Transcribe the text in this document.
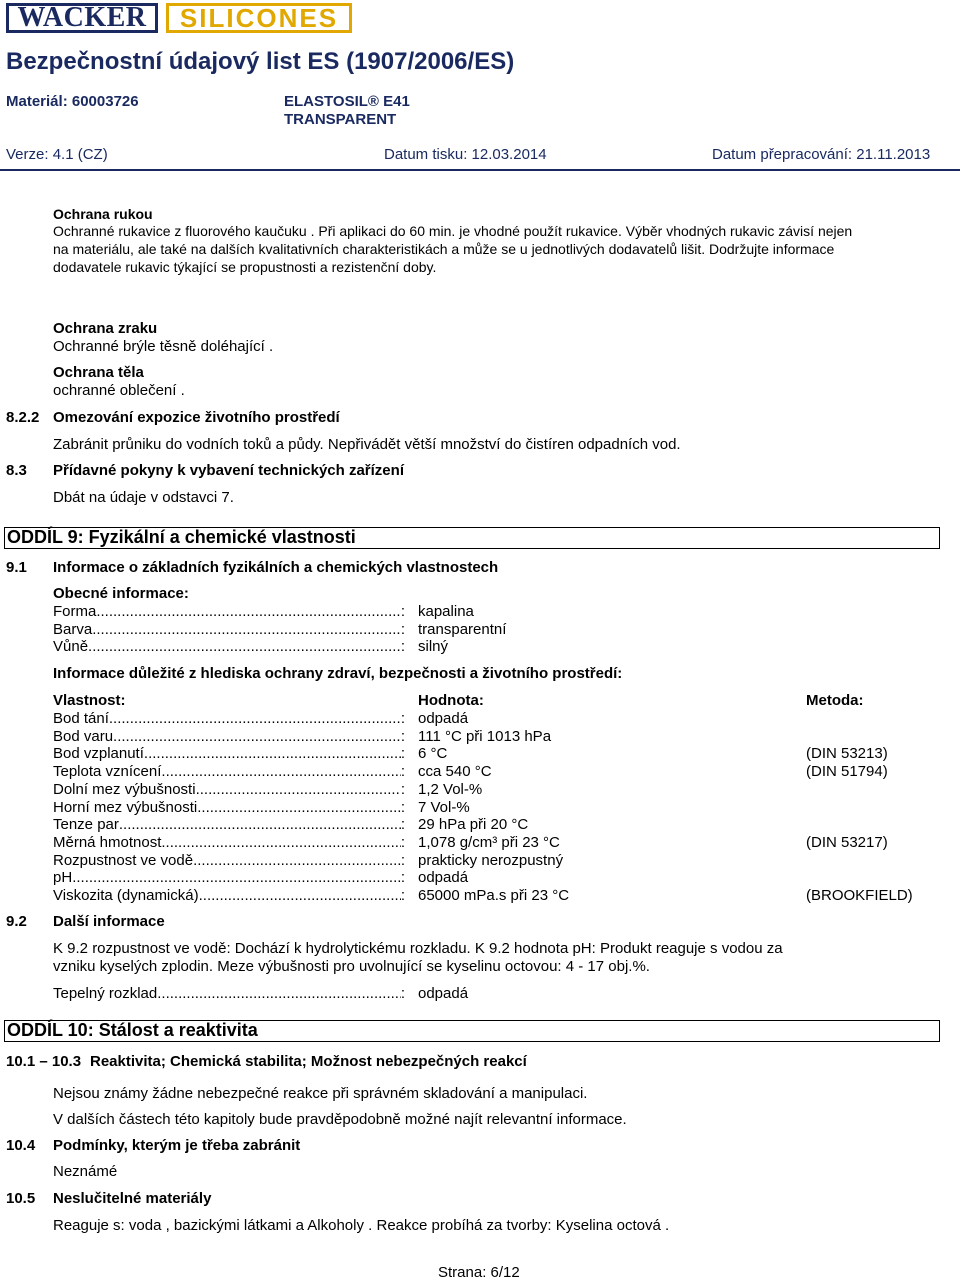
WACKER	SILICONES
Bezpečnostní údajový list ES (1907/2006/ES)
Materiál: 60003726	ELASTOSIL® E41
TRANSPARENT
Verze: 4.1 (CZ)	Datum tisku: 12.03.2014	Datum přepracování: 21.11.2013
Ochrana rukou
Ochranné rukavice z fluorového kaučuku . Při aplikaci do 60 min. je vhodné použít rukavice. Výběr vhodných rukavic závisí nejen
na materiálu, ale také na dalších kvalitativních charakteristikách a může se u jednotlivých dodavatelů lišit. Dodržujte informace
dodavatele rukavic týkající se propustnosti a rezistenční doby.
Ochrana zraku
Ochranné brýle těsně doléhající .
Ochrana těla
ochranné oblečení .
8.2.2 Omezování expozice životního prostředí
Zabránit průniku do vodních toků a půdy. Nepřivádět větší množství do čistíren odpadních vod.
8.3 Přídavné pokyny k vybavení technických zařízení
Dbát na údaje v odstavci 7.
ODDÍL 9: Fyzikální a chemické vlastnosti
9.1 Informace o základních fyzikálních a chemických vlastnostech
Obecné informace:
Forma .....	: kapalina
Barva .....	: transparentní
Vůně .....	: silný
Informace důležité z hlediska ochrany zdraví, bezpečnosti a životního prostředí:
Vlastnost:	Hodnota:	Metoda:
Bod tání .....	: odpadá
Bod varu .....	: 111 °C při 1013 hPa
Bod vzplanutí .....	: 6 °C	(DIN 53213)
Teplota vznícení .....	: cca 540 °C	(DIN 51794)
Dolní mez výbušnosti .....	: 1,2 Vol-%
Horní mez výbušnosti .....	: 7 Vol-%
Tenze par .....	: 29 hPa při 20 °C
Měrná hmotnost .....	: 1,078 g/cm³ při 23 °C	(DIN 53217)
Rozpustnost ve vodě .....	: prakticky nerozpustný
pH .....	: odpadá
Viskozita (dynamická) .....	: 65000 mPa.s při 23 °C	(BROOKFIELD)
9.2 Další informace
K 9.2 rozpustnost ve vodě: Dochází k hydrolytickému rozkladu. K 9.2 hodnota pH: Produkt reaguje s vodou za
vzniku kyselých zplodin. Meze výbušnosti pro uvolnující se kyselinu octovou: 4 - 17 obj.%.
Tepelný rozklad .....	: odpadá
ODDÍL 10: Stálost a reaktivita
10.1 – 10.3 Reaktivita; Chemická stabilita; Možnost nebezpečných reakcí
Nejsou známy žádne nebezpečné reakce při správném skladování a manipulaci.
V dalších částech této kapitoly bude pravděpodobně možné najít relevantní informace.
10.4 Podmínky, kterým je třeba zabránit
Neznámé
10.5 Neslučitelné materiály
Reaguje s: voda , bazickými látkami a Alkoholy . Reakce probíhá za tvorby: Kyselina octová .
Strana: 6/12
